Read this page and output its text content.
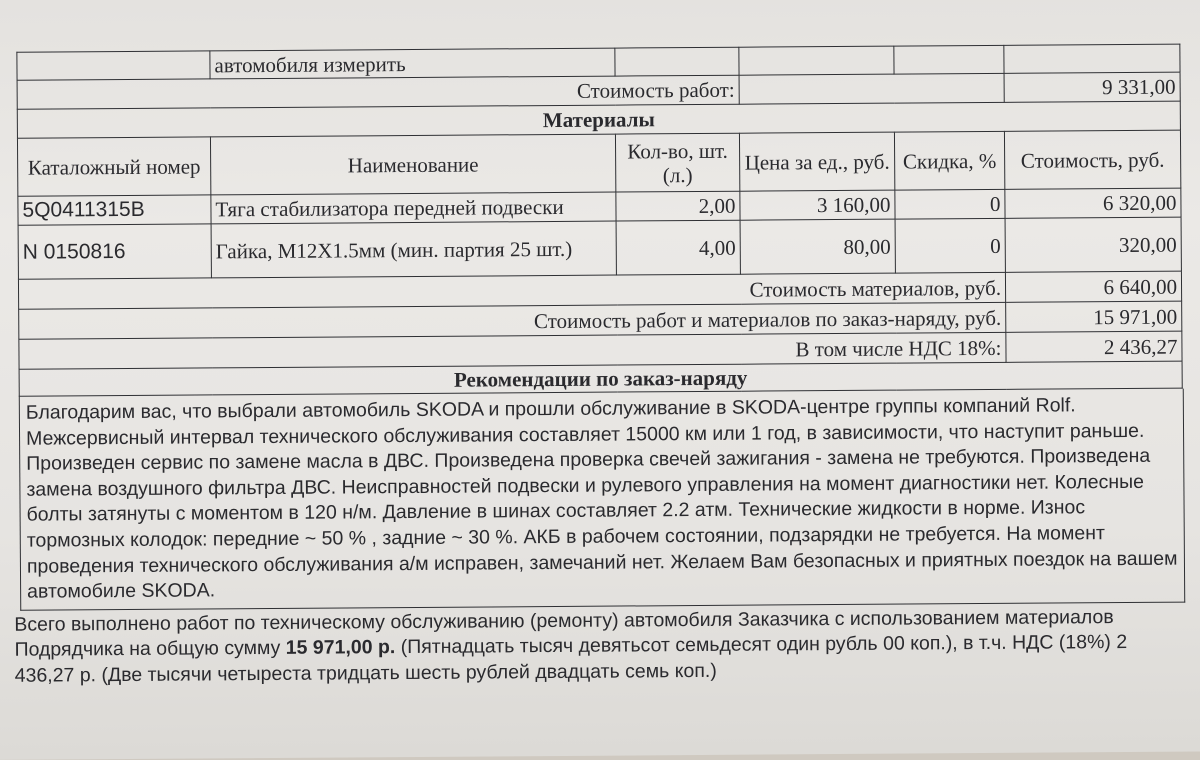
	автомобиля измерить				
Стоимость работ:					9 331,00
Материалы					
Каталожный номер	Наименование	Кол-во, шт. (л.)	Цена за ед., руб.	Скидка, %	Стоимость, руб.
5Q0411315B	Тяга стабилизатора передней подвески	2,00	3 160,00	0	6 320,00
N 0150816	Гайка, M12X1.5мм (мин. партия 25 шт.)	4,00	80,00	0	320,00
Стоимость материалов, руб.					6 640,00
Стоимость работ и материалов по заказ-наряду, руб.					15 971,00
В том числе НДС 18%:					2 436,27
Рекомендации по заказ-наряду					
Благодарим вас, что выбрали автомобиль SKODA и прошли обслуживание в SKODA-центре группы компаний Rolf. Межсервисный интервал технического обслуживания составляет 15000 км или 1 год, в зависимости, что наступит раньше. Произведен сервис по замене масла в ДВС. Произведена проверка свечей зажигания - замена не требуются. Произведена замена воздушного фильтра ДВС. Неисправностей подвески и рулевого управления на момент диагностики нет. Колесные болты затянуты с моментом в 120 н/м. Давление в шинах составляет 2.2 атм. Технические жидкости в норме. Износ тормозных колодок: передние ~ 50 % , задние ~ 30 %. АКБ в рабочем состоянии, подзарядки не требуется. На момент проведения технического обслуживания а/м исправен, замечаний нет. Желаем Вам безопасных и приятных поездок на вашем автомобиле SKODA.
Всего выполнено работ по техническому обслуживанию (ремонту) автомобиля Заказчика с использованием материалов Подрядчика на общую сумму 15 971,00 р. (Пятнадцать тысяч девятьсот семьдесят один рубль 00 коп.), в т.ч. НДС (18%) 2 436,27 р. (Две тысячи четыреста тридцать шесть рублей двадцать семь коп.)
